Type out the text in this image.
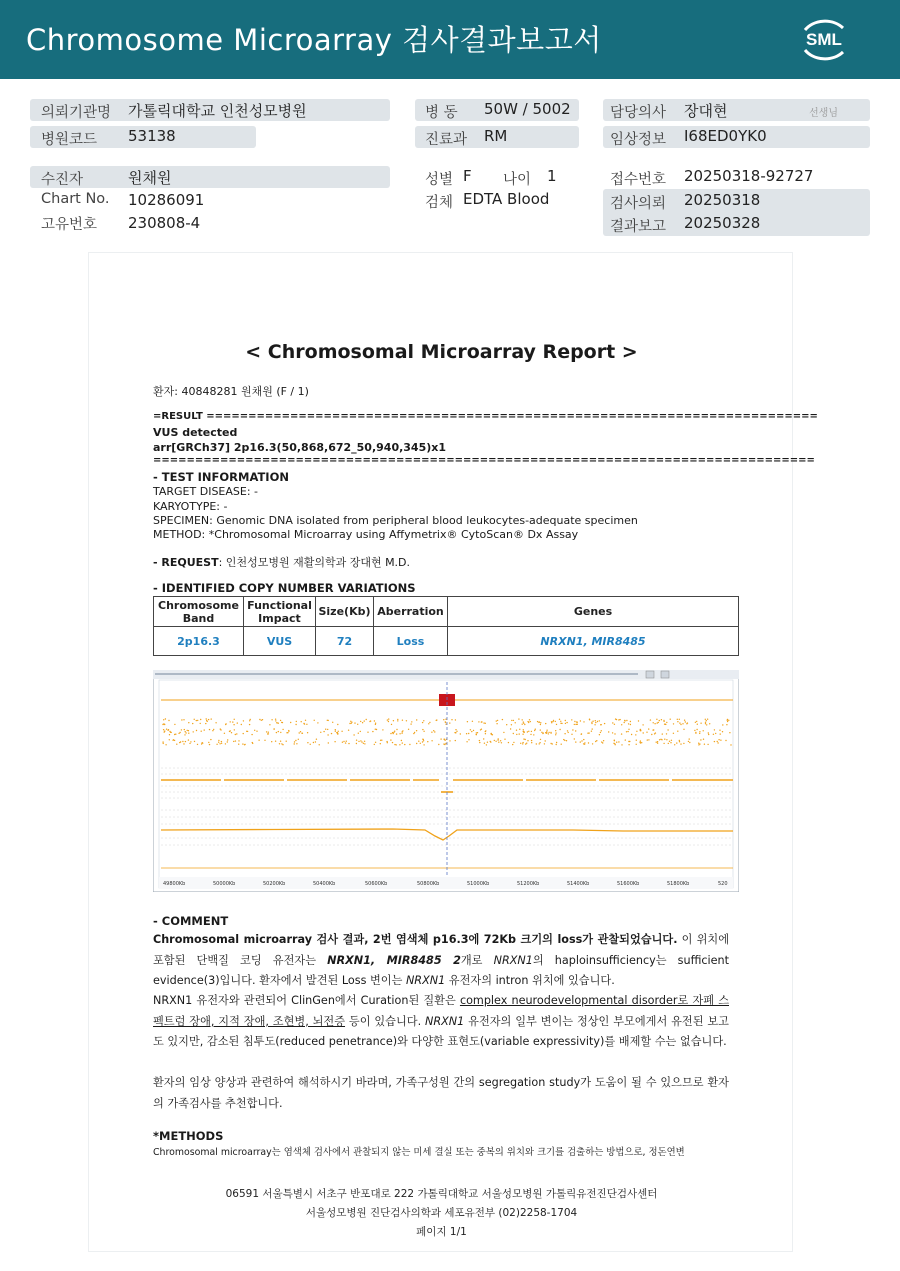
Chromosome Microarray 검사결과보고서	SML
의뢰기관명 가톨릭대학교 인천성모병원	병 동 50W / 5002	담당의사 장대현	선생님
병원코드 53138	진료과 RM	임상정보 I68ED0YK0
수진자	원채원	성별 F 나이 1	접수번호 20250318-92727
Chart No. 10286091	검체 EDTA Blood	검사의뢰 20250318
고유번호 230808-4	결과보고 20250328
< Chromosomal Microarray Report >
환자: 40848281 원채원 (F / 1)
=RESULT =========================================================================
VUS detected
arr[GRCh37] 2p16.3(50,868,672_50,940,345)x1
===============================================================================
- TEST INFORMATION
TARGET DISEASE: -
KARYOTYPE: -
SPECIMEN: Genomic DNA isolated from peripheral blood leukocytes-adequate specimen
METHOD: *Chromosomal Microarray using Affymetrix® CytoScan® Dx Assay
- REQUEST: 인천성모병원 재활의학과 장대현 M.D.
- IDENTIFIED COPY NUMBER VARIATIONS
Chromosome Band	Functional Impact	Size(Kb)	Aberration	Genes
2p16.3	VUS	72	Loss	NRXN1, MIR8485
49800Kb	50000Kb	50200Kb	50400Kb	50600Kb	50800Kb	51000Kb	51200Kb	51400Kb	51600Kb	51800Kb	520
- COMMENT
Chromosomal microarray 검사 결과, 2번 염색체 p16.3에 72Kb 크기의 loss가 관찰되었습니다. 이 위치에 포함된 단백질 코딩 유전자는 NRXN1, MIR8485 2개로 NRXN1의 haploinsufficiency는 sufficient evidence(3)입니다. 환자에서 발견된 Loss 변이는 NRXN1 유전자의 intron 위치에 있습니다.
NRXN1 유전자와 관련되어 ClinGen에서 Curation된 질환은 complex neurodevelopmental disorder로 자폐 스펙트럼 장애, 지적 장애, 조현병, 뇌전증 등이 있습니다. NRXN1 유전자의 일부 변이는 정상인 부모에게서 유전된 보고도 있지만, 감소된 침투도(reduced penetrance)와 다양한 표현도(variable expressivity)를 배제할 수는 없습니다.
환자의 임상 양상과 관련하여 해석하시기 바라며, 가족구성원 간의 segregation study가 도움이 될 수 있으므로 환자의 가족검사를 추천합니다.
*METHODS
Chromosomal microarray는 염색체 검사에서 관찰되지 않는 미세 결실 또는 중복의 위치와 크기를 검출하는 방법으로, 정돈연변
06591 서울특별시 서초구 반포대로 222 가톨릭대학교 서울성모병원 가톨릭유전진단검사센터
서울성모병원 진단검사의학과 세포유전부 (02)2258-1704
페이지 1/1
